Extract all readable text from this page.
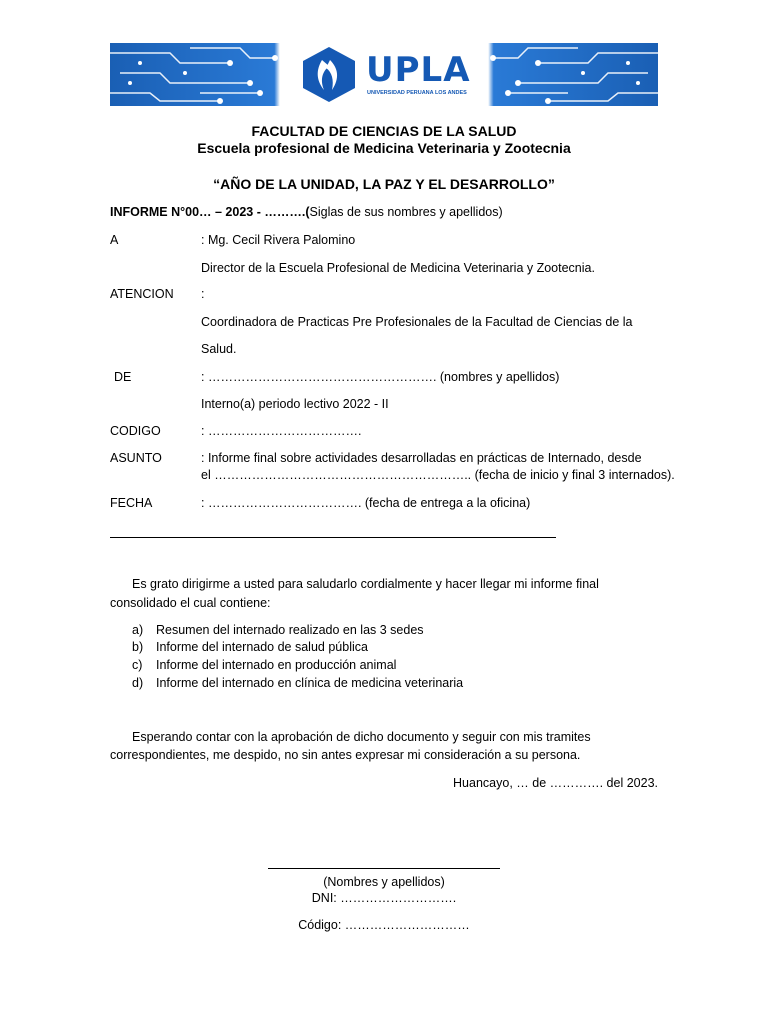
UPLA
UNIVERSIDAD PERUANA LOS ANDES
FACULTAD DE CIENCIAS DE LA SALUD
Escuela profesional de Medicina Veterinaria y Zootecnia
“AÑO DE LA UNIDAD, LA PAZ Y EL DESARROLLO”
INFORME N°00… – 2023 - ……….(Siglas de sus nombres y apellidos)
A	: Mg. Cecil Rivera Palomino
Director de la Escuela Profesional de Medicina Veterinaria y Zootecnia.
ATENCION :
Coordinadora de Practicas Pre Profesionales de la Facultad de Ciencias de la
Salud.
DE	: ………………………………………………. (nombres y apellidos)
Interno(a) periodo lectivo 2022 - II
CODIGO	: ……………………………….
ASUNTO	: Informe final sobre actividades desarrolladas en prácticas de Internado, desde
el …………………………………………………….. (fecha de inicio y final 3 internados).
FECHA	: ………………………………. (fecha de entrega a la oficina)
Es grato dirigirme a usted para saludarlo cordialmente y hacer llegar mi informe final
consolidado el cual contiene:
a) Resumen del internado realizado en las 3 sedes
b) Informe del internado de salud pública
c) Informe del internado en producción animal
d) Informe del internado en clínica de medicina veterinaria
Esperando contar con la aprobación de dicho documento y seguir con mis tramites
correspondientes, me despido, no sin antes expresar mi consideración a su persona.
Huancayo, … de …………. del 2023.
(Nombres y apellidos)
DNI: ……………………….
Código: …………………………
